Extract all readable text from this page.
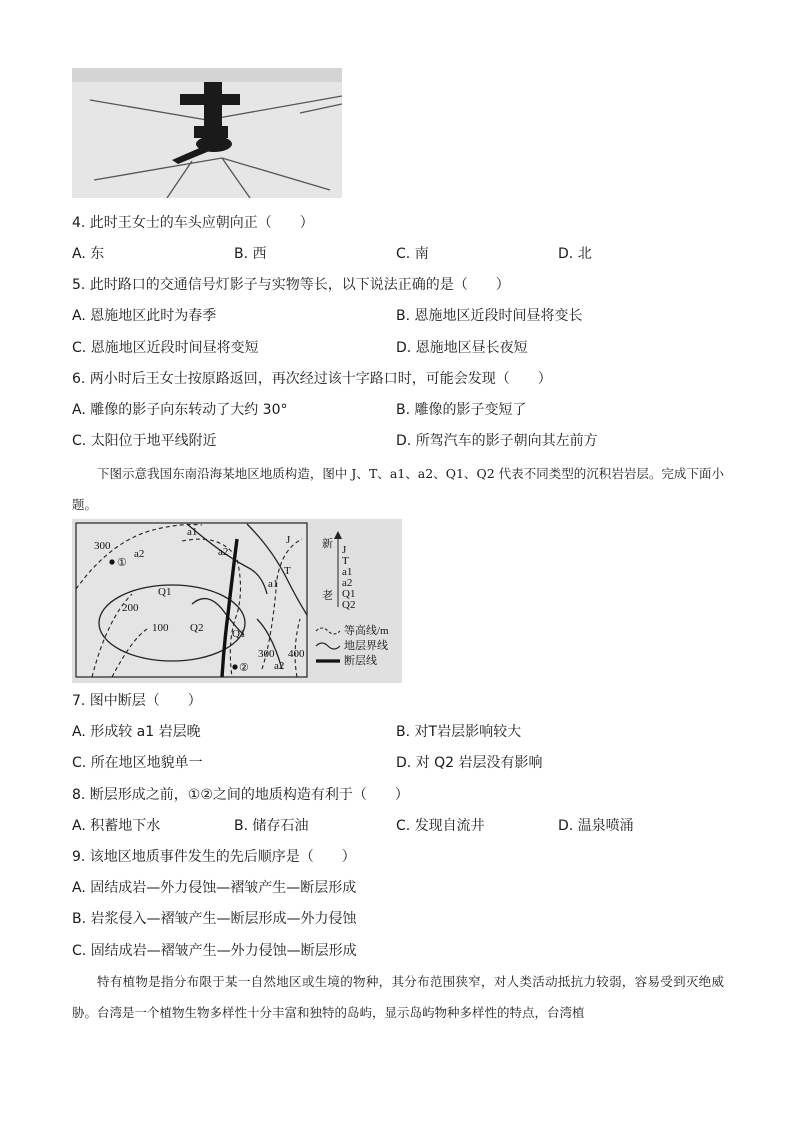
4. 此时王女士的车头应朝向正（　　）
A. 东	B. 西	C. 南	D. 北
5. 此时路口的交通信号灯影子与实物等长，以下说法正确的是（　　）
A. 恩施地区此时为春季	B. 恩施地区近段时间昼将变长
C. 恩施地区近段时间昼将变短	D. 恩施地区昼长夜短
6. 两小时后王女士按原路返回，再次经过该十字路口时，可能会发现（　　）
A. 雕像的影子向东转动了大约 30°	B. 雕像的影子变短了
C. 太阳位于地平线附近	D. 所驾汽车的影子朝向其左前方

下图示意我国东南沿海某地区地质构造，图中 J、T、a1、a2、Q1、Q2 代表不同类型的沉积岩岩层。完成下面小题。

300
200
100
300 400
J
T
a1
a1
a2
a2
Q1
Q2	Q1
a2
①
②
新
老
J
T
a1
a2
Q1
Q2
等高线/m
地层界线
断层线
7. 图中断层（　　）
A. 形成较 a1 岩层晚	B. 对T岩层影响较大
C. 所在地区地貌单一	D. 对 Q2 岩层没有影响
8. 断层形成之前，①②之间的地质构造有利于（　　）
A. 积蓄地下水	B. 储存石油	C. 发现自流井	D. 温泉喷涌
9. 该地区地质事件发生的先后顺序是（　　）
A. 固结成岩—外力侵蚀—褶皱产生—断层形成
B. 岩浆侵入—褶皱产生—断层形成—外力侵蚀
C. 固结成岩—褶皱产生—外力侵蚀—断层形成

特有植物是指分布限于某一自然地区或生境的物种，其分布范围狭窄，对人类活动抵抗力较弱，容易受到灭绝威胁。台湾是一个植物生物多样性十分丰富和独特的岛屿，显示岛屿物种多样性的特点，台湾植
